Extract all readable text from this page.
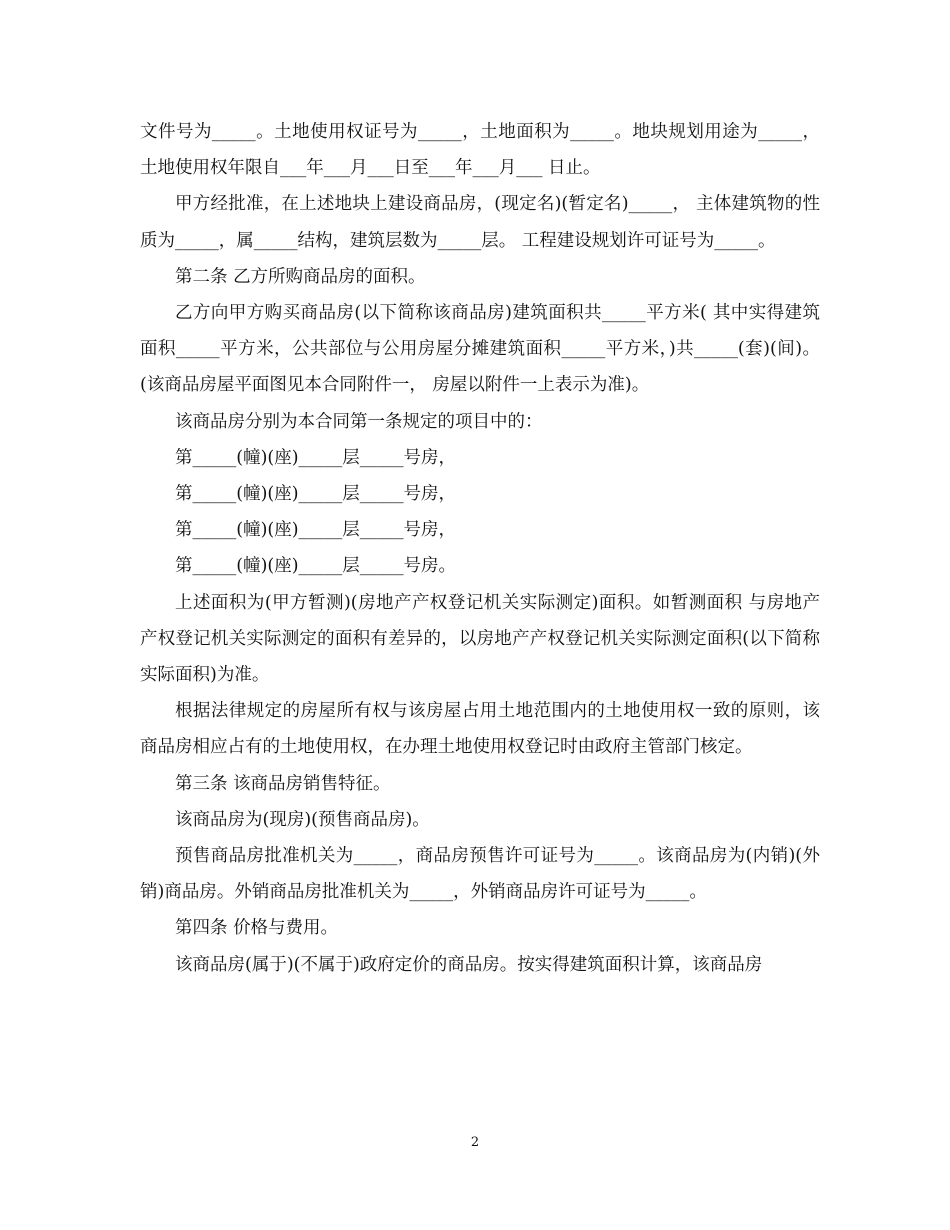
文件号为_____。土地使用权证号为_____，土地面积为_____。地块规划用途为_____，土地使用权年限自___年___月___日至___年___月___ 日止。

甲方经批准，在上述地块上建设商品房，(现定名)(暂定名)_____， 主体建筑物的性质为_____，属_____结构，建筑层数为_____层。 工程建设规划许可证号为_____。

第二条 乙方所购商品房的面积。

乙方向甲方购买商品房(以下简称该商品房)建筑面积共_____平方米( 其中实得建筑面积_____平方米，公共部位与公用房屋分摊建筑面积_____平方米，)共_____(套)(间)。(该商品房屋平面图见本合同附件一， 房屋以附件一上表示为准)。

该商品房分别为本合同第一条规定的项目中的：

第_____(幢)(座)_____层_____号房，

第_____(幢)(座)_____层_____号房，

第_____(幢)(座)_____层_____号房，

第_____(幢)(座)_____层_____号房。

上述面积为(甲方暂测)(房地产产权登记机关实际测定)面积。如暂测面积 与房地产产权登记机关实际测定的面积有差异的，以房地产产权登记机关实际测定面积(以下简称实际面积)为准。

根据法律规定的房屋所有权与该房屋占用土地范围内的土地使用权一致的原则，该商品房相应占有的土地使用权，在办理土地使用权登记时由政府主管部门核定。

第三条 该商品房销售特征。

该商品房为(现房)(预售商品房)。

预售商品房批准机关为_____，商品房预售许可证号为_____。该商品房为(内销)(外销)商品房。外销商品房批准机关为_____，外销商品房许可证号为_____。

第四条 价格与费用。

该商品房(属于)(不属于)政府定价的商品房。按实得建筑面积计算，该商品房

2
